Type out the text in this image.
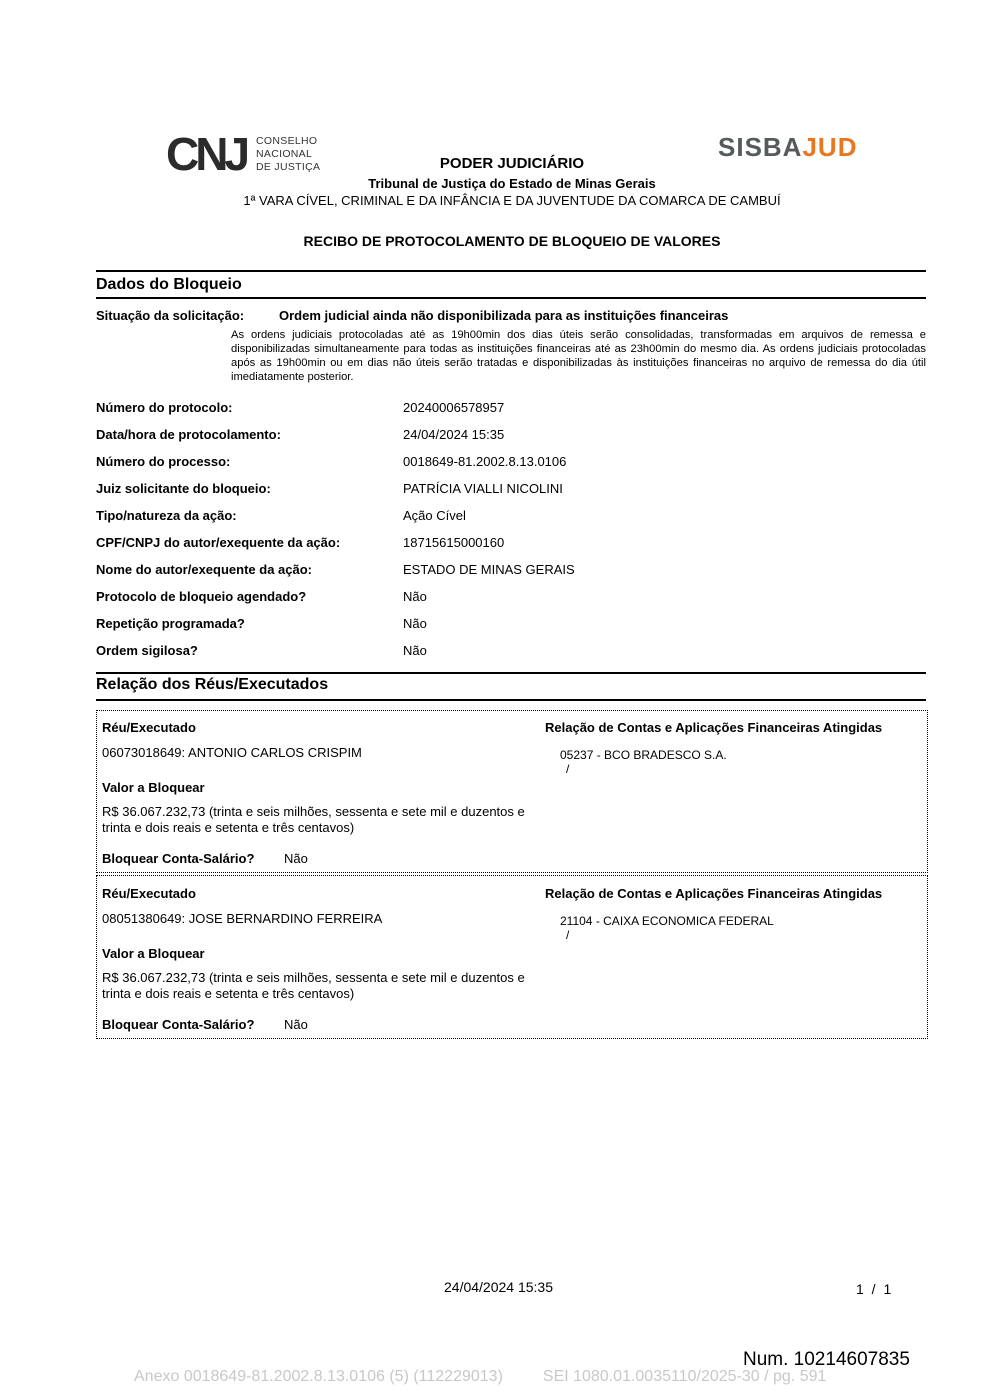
CNJ CONSELHO
NACIONAL
DE JUSTIÇA
SISBAJUD
PODER JUDICIÁRIO
Tribunal de Justiça do Estado de Minas Gerais
1ª VARA CÍVEL, CRIMINAL E DA INFÂNCIA E DA JUVENTUDE DA COMARCA DE CAMBUÍ
RECIBO DE PROTOCOLAMENTO DE BLOQUEIO DE VALORES
Dados do Bloqueio
Situação da solicitação:	Ordem judicial ainda não disponibilizada para as instituições financeiras
As ordens judiciais protocoladas até as 19h00min dos dias úteis serão consolidadas, transformadas em arquivos de remessa e disponibilizadas simultaneamente para todas as instituições financeiras até as 23h00min do mesmo dia. As ordens judiciais protocoladas após as 19h00min ou em dias não úteis serão tratadas e disponibilizadas às instituições financeiras no arquivo de remessa do dia útil imediatamente posterior.
Número do protocolo:	20240006578957
Data/hora de protocolamento:	24/04/2024 15:35
Número do processo:	0018649-81.2002.8.13.0106
Juiz solicitante do bloqueio:	PATRÍCIA VIALLI NICOLINI
Tipo/natureza da ação:	Ação Cível
CPF/CNPJ do autor/exequente da ação:	18715615000160
Nome do autor/exequente da ação:	ESTADO DE MINAS GERAIS
Protocolo de bloqueio agendado?	Não
Repetição programada?	Não
Ordem sigilosa?	Não
Relação dos Réus/Executados
Réu/Executado	Relação de Contas e Aplicações Financeiras Atingidas
06073018649: ANTONIO CARLOS CRISPIM	05237 - BCO BRADESCO S.A.
/
Valor a Bloquear
R$ 36.067.232,73 (trinta e seis milhões, sessenta e sete mil e duzentos e trinta e dois reais e setenta e três centavos)
Bloquear Conta-Salário? Não
Réu/Executado	Relação de Contas e Aplicações Financeiras Atingidas
08051380649: JOSE BERNARDINO FERREIRA	21104 - CAIXA ECONOMICA FEDERAL
/
Valor a Bloquear
R$ 36.067.232,73 (trinta e seis milhões, sessenta e sete mil e duzentos e trinta e dois reais e setenta e três centavos)
Bloquear Conta-Salário? Não
24/04/2024 15:35	1 / 1
Num. 10214607835
Anexo 0018649-81.2002.8.13.0106 (5) (112229013)	SEI 1080.01.0035110/2025-30 / pg. 591
